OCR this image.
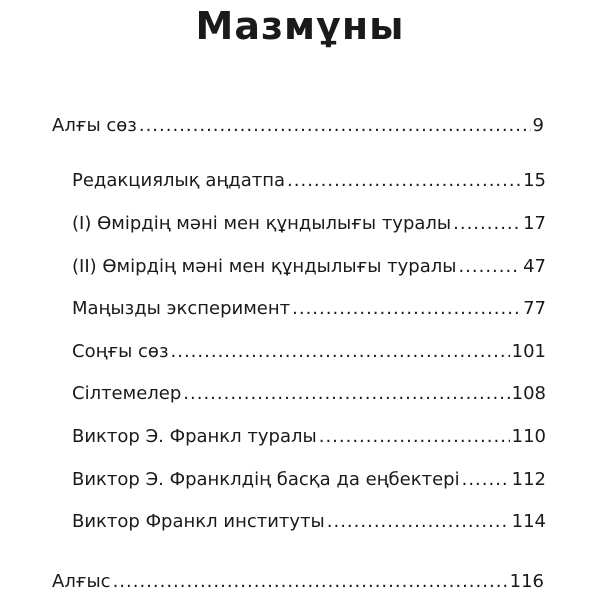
Мазмұны
Алғы сөз .....	9
Редакциялық аңдатпа .....	15
(I) Өмірдің мәні мен құндылығы туралы .....	17
(II) Өмірдің мәні мен құндылығы туралы .....	47
Маңызды эксперимент .....	77
Соңғы сөз .....	101
Сілтемелер .....	108
Виктор Э. Франкл туралы .....	110
Виктор Э. Франклдің басқа да еңбектері .....	112
Виктор Франкл институты .....	114
Алғыс .....	116
